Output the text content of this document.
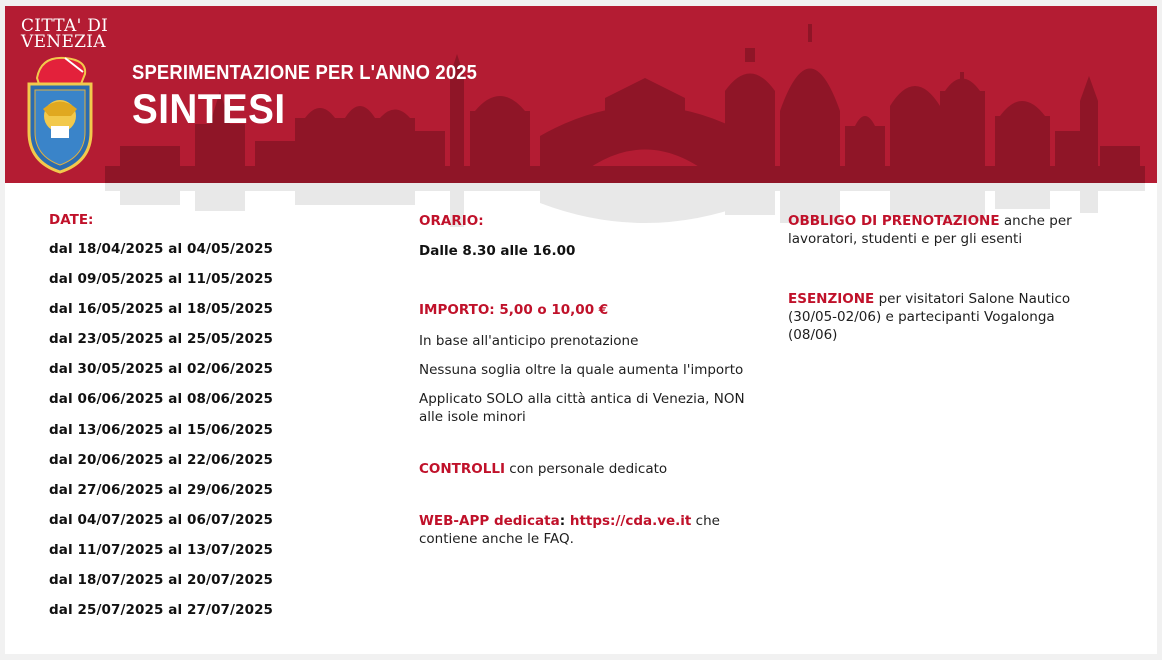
CITTA' DI
VENEZIA
SPERIMENTAZIONE PER L'ANNO 2025
SINTESI
DATE:
dal 18/04/2025 al 04/05/2025
dal 09/05/2025 al 11/05/2025
dal 16/05/2025 al 18/05/2025
dal 23/05/2025 al 25/05/2025
dal 30/05/2025 al 02/06/2025
dal 06/06/2025 al 08/06/2025
dal 13/06/2025 al 15/06/2025
dal 20/06/2025 al 22/06/2025
dal 27/06/2025 al 29/06/2025
dal 04/07/2025 al 06/07/2025
dal 11/07/2025 al 13/07/2025
dal 18/07/2025 al 20/07/2025
dal 25/07/2025 al 27/07/2025

ORARIO:

Dalle 8.30 alle 16.00

IMPORTO: 5,00 o 10,00 €

In base all'anticipo prenotazione

Nessuna soglia oltre la quale aumenta l'importo

Applicato SOLO alla città antica di Venezia, NON alle isole minori

CONTROLLI con personale dedicato

WEB-APP dedicata: https://cda.ve.it che contiene anche le FAQ.

OBBLIGO DI PRENOTAZIONE anche per lavoratori, studenti e per gli esenti

ESENZIONE per visitatori Salone Nautico (30/05-02/06) e partecipanti Vogalonga (08/06)
